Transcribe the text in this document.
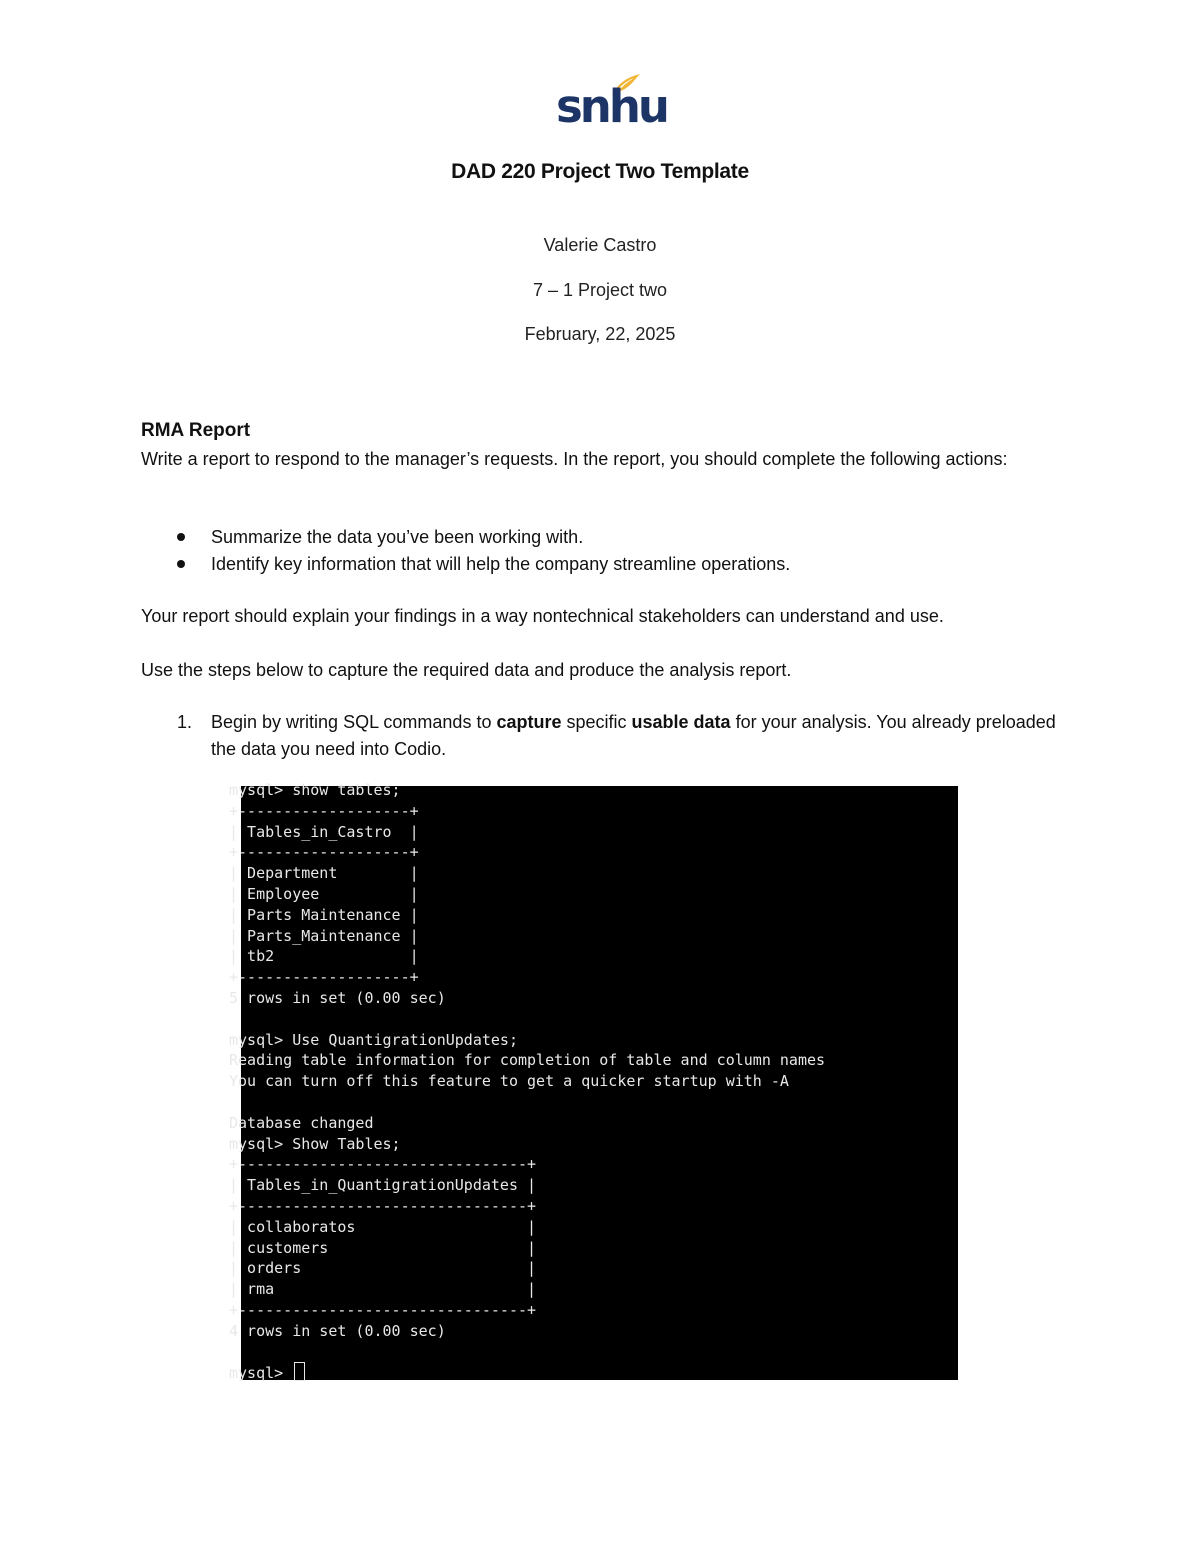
snhu
DAD 220 Project Two Template

Valerie Castro

7 – 1 Project two

February, 22, 2025

RMA Report

Write a report to respond to the manager’s requests. In the report, you should complete the following actions:

Summarize the data you’ve been working with.
Identify key information that will help the company streamline operations.

Your report should explain your findings in a way nontechnical stakeholders can understand and use.

Use the steps below to capture the required data and produce the analysis report.

1.	Begin by writing SQL commands to capture specific usable data for your analysis. You already preloaded the data you need into Codio.
mysql> show tables;
+-------------------+
| Tables_in_Castro  |
+-------------------+
| Department        |
| Employee          |
| Parts Maintenance |
| Parts_Maintenance |
| tb2               |
+-------------------+
5 rows in set (0.00 sec)

mysql> Use QuantigrationUpdates;
Reading table information for completion of table and column names
You can turn off this feature to get a quicker startup with -A

Database changed
mysql> Show Tables;
+--------------------------------+
| Tables_in_QuantigrationUpdates |
+--------------------------------+
| collaboratos                   |
| customers                      |
| orders                         |
| rma                            |
+--------------------------------+
4 rows in set (0.00 sec)

mysql>
